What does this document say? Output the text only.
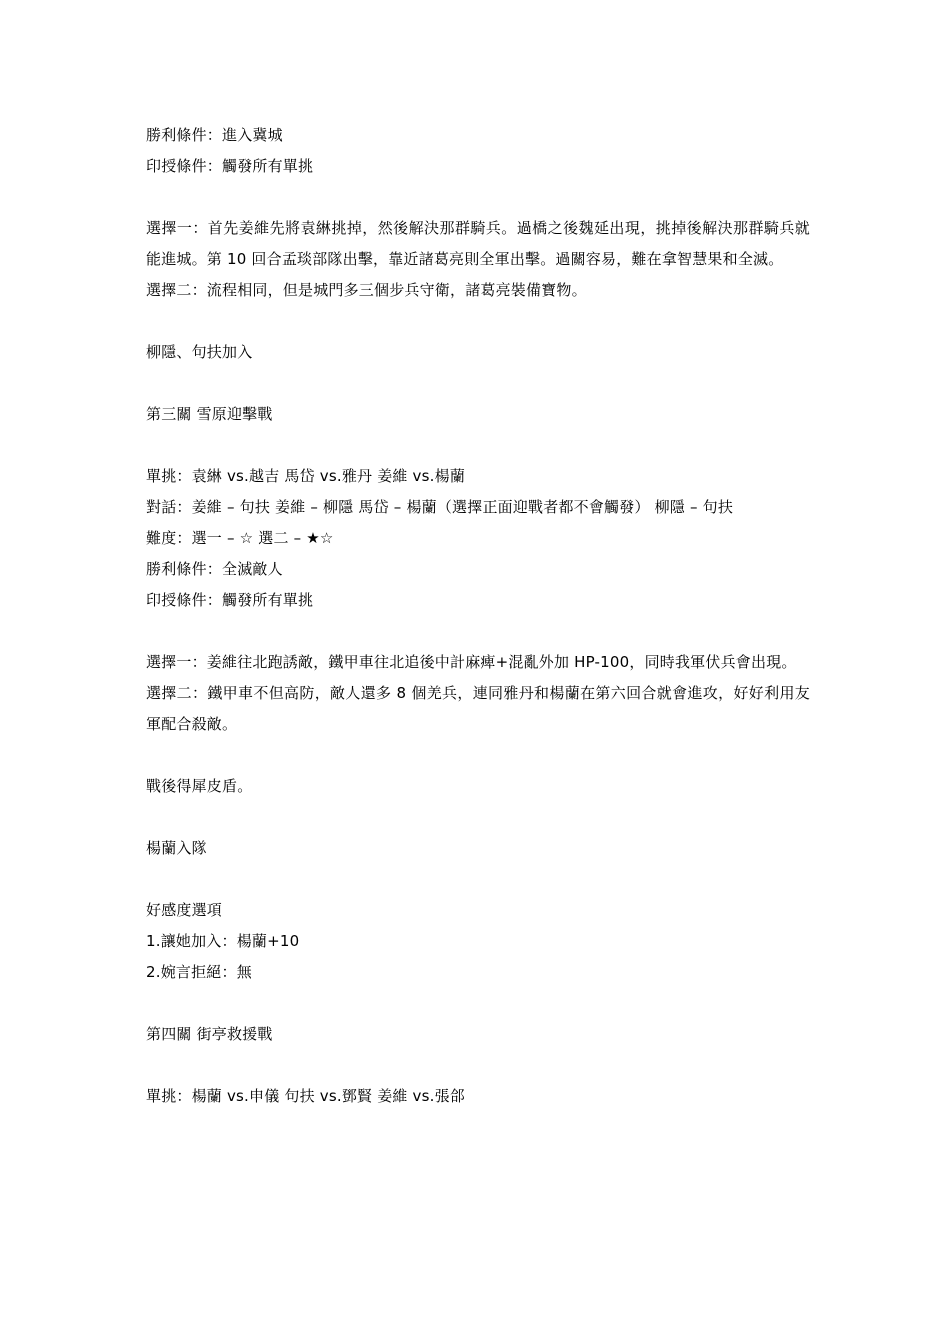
勝利條件：進入冀城
印授條件：觸發所有單挑
選擇一：首先姜維先將袁綝挑掉，然後解決那群騎兵。過橋之後魏延出現，挑掉後解決那群騎兵就能進城。第 10 回合孟琰部隊出擊，靠近諸葛亮則全軍出擊。過關容易，難在拿智慧果和全滅。
選擇二：流程相同，但是城門多三個步兵守衛，諸葛亮裝備寶物。
柳隱、句扶加入
第三關 雪原迎擊戰
單挑：袁綝 vs.越吉 馬岱 vs.雅丹 姜維 vs.楊蘭
對話：姜維 – 句扶 姜維 – 柳隱 馬岱 – 楊蘭（選擇正面迎戰者都不會觸發） 柳隱 – 句扶
難度：選一 – ☆ 選二 – ★☆
勝利條件：全滅敵人
印授條件：觸發所有單挑
選擇一：姜維往北跑誘敵，鐵甲車往北追後中計麻痺+混亂外加 HP-100，同時我軍伏兵會出現。
選擇二：鐵甲車不但高防，敵人還多 8 個羌兵，連同雅丹和楊蘭在第六回合就會進攻，好好利用友軍配合殺敵。
戰後得犀皮盾。
楊蘭入隊
好感度選項
1.讓她加入：楊蘭+10
2.婉言拒絕：無
第四關 街亭救援戰
單挑：楊蘭 vs.申儀 句扶 vs.鄧賢 姜維 vs.張郃
